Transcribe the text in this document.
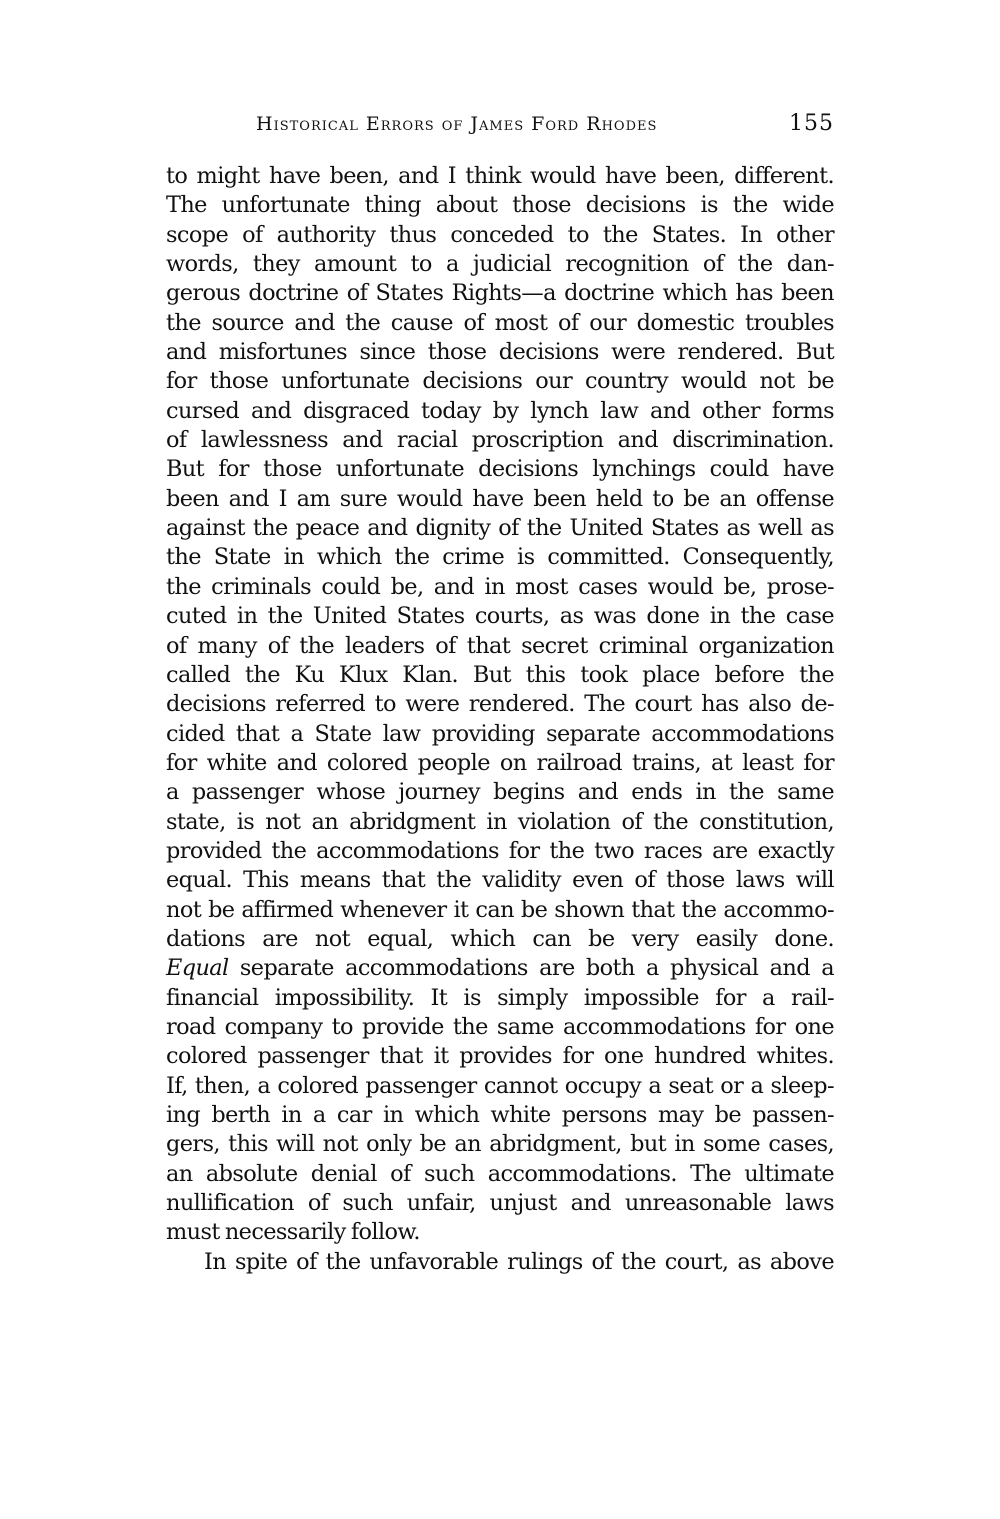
Historical Errors of James Ford Rhodes	155
to might have been, and I think would have been, different.
The unfortunate thing about those decisions is the wide
scope of authority thus conceded to the States. In other
words, they amount to a judicial recognition of the dan-
gerous doctrine of States Rights—a doctrine which has been
the source and the cause of most of our domestic troubles
and misfortunes since those decisions were rendered. But
for those unfortunate decisions our country would not be
cursed and disgraced today by lynch law and other forms
of lawlessness and racial proscription and discrimination.
But for those unfortunate decisions lynchings could have
been and I am sure would have been held to be an offense
against the peace and dignity of the United States as well as
the State in which the crime is committed. Consequently,
the criminals could be, and in most cases would be, prose-
cuted in the United States courts, as was done in the case
of many of the leaders of that secret criminal organization
called the Ku Klux Klan. But this took place before the
decisions referred to were rendered. The court has also de-
cided that a State law providing separate accommodations
for white and colored people on railroad trains, at least for
a passenger whose journey begins and ends in the same
state, is not an abridgment in violation of the constitution,
provided the accommodations for the two races are exactly
equal. This means that the validity even of those laws will
not be affirmed whenever it can be shown that the accommo-
dations are not equal, which can be very easily done.
Equal separate accommodations are both a physical and a
financial impossibility. It is simply impossible for a rail-
road company to provide the same accommodations for one
colored passenger that it provides for one hundred whites.
If, then, a colored passenger cannot occupy a seat or a sleep-
ing berth in a car in which white persons may be passen-
gers, this will not only be an abridgment, but in some cases,
an absolute denial of such accommodations. The ultimate
nullification of such unfair, unjust and unreasonable laws
must necessarily follow.
In spite of the unfavorable rulings of the court, as above
